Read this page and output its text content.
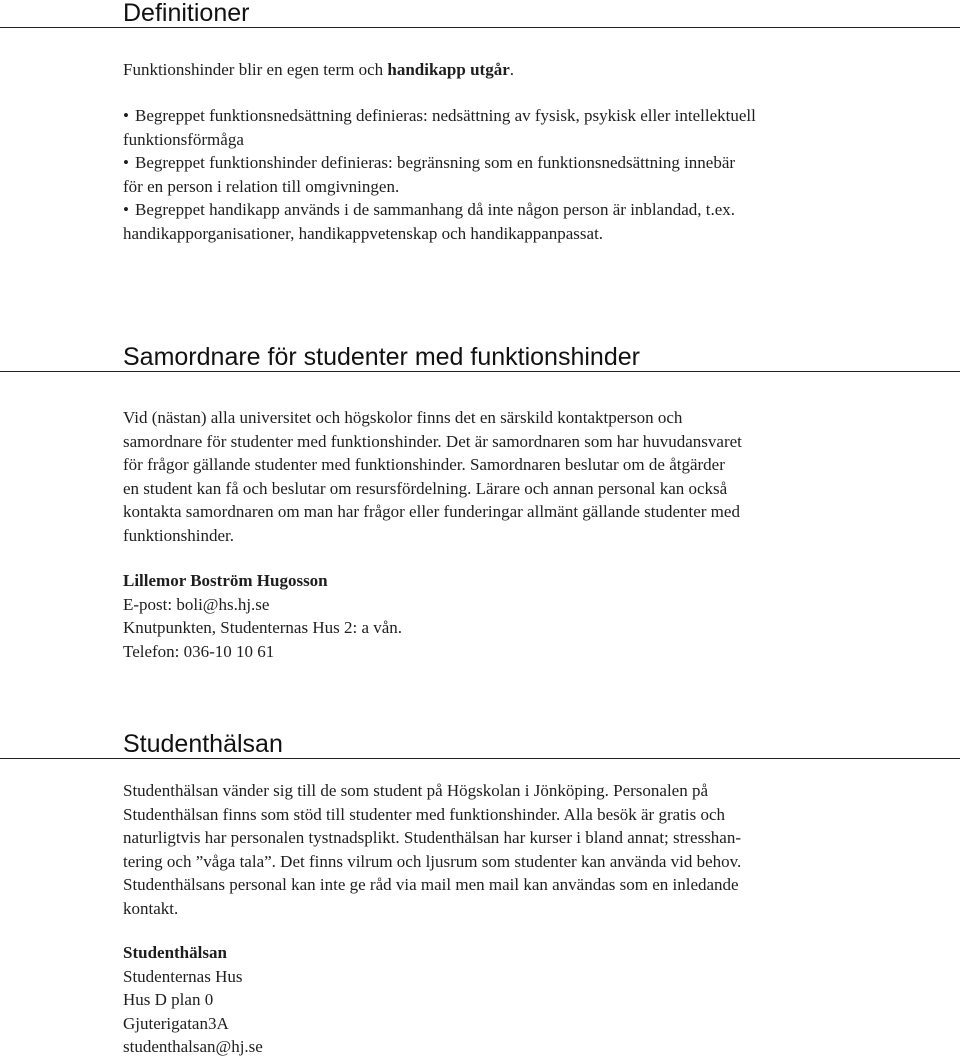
Definitioner

Funktionshinder blir en egen term och handikapp utgår.

• Begreppet funktionsnedsättning definieras: nedsättning av fysisk, psykisk eller intellektuell
funktionsförmåga
• Begreppet funktionshinder definieras: begränsning som en funktionsnedsättning innebär
för en person i relation till omgivningen.
• Begreppet handikapp används i de sammanhang då inte någon person är inblandad, t.ex.
handikapporganisationer, handikappvetenskap och handikappanpassat.
Samordnare för studenter med funktionshinder
Vid (nästan) alla universitet och högskolor finns det en särskild kontaktperson och
samordnare för studenter med funktionshinder. Det är samordnaren som har huvudansvaret
för frågor gällande studenter med funktionshinder. Samordnaren beslutar om de åtgärder
en student kan få och beslutar om resursfördelning. Lärare och annan personal kan också
kontakta samordnaren om man har frågor eller funderingar allmänt gällande studenter med
funktionshinder.
Lillemor Boström Hugosson
E-post: boli@hs.hj.se
Knutpunkten, Studenternas Hus 2: a vån.
Telefon: 036-10 10 61
Studenthälsan
Studenthälsan vänder sig till de som student på Högskolan i Jönköping. Personalen på
Studenthälsan finns som stöd till studenter med funktionshinder. Alla besök är gratis och
naturligtvis har personalen tystnadsplikt. Studenthälsan har kurser i bland annat; stresshan-
tering och ”våga tala”. Det finns vilrum och ljusrum som studenter kan använda vid behov.
Studenthälsans personal kan inte ge råd via mail men mail kan användas som en inledande
kontakt.
Studenthälsan
Studenternas Hus
Hus D plan 0
Gjuterigatan3A
studenthalsan@hj.se
